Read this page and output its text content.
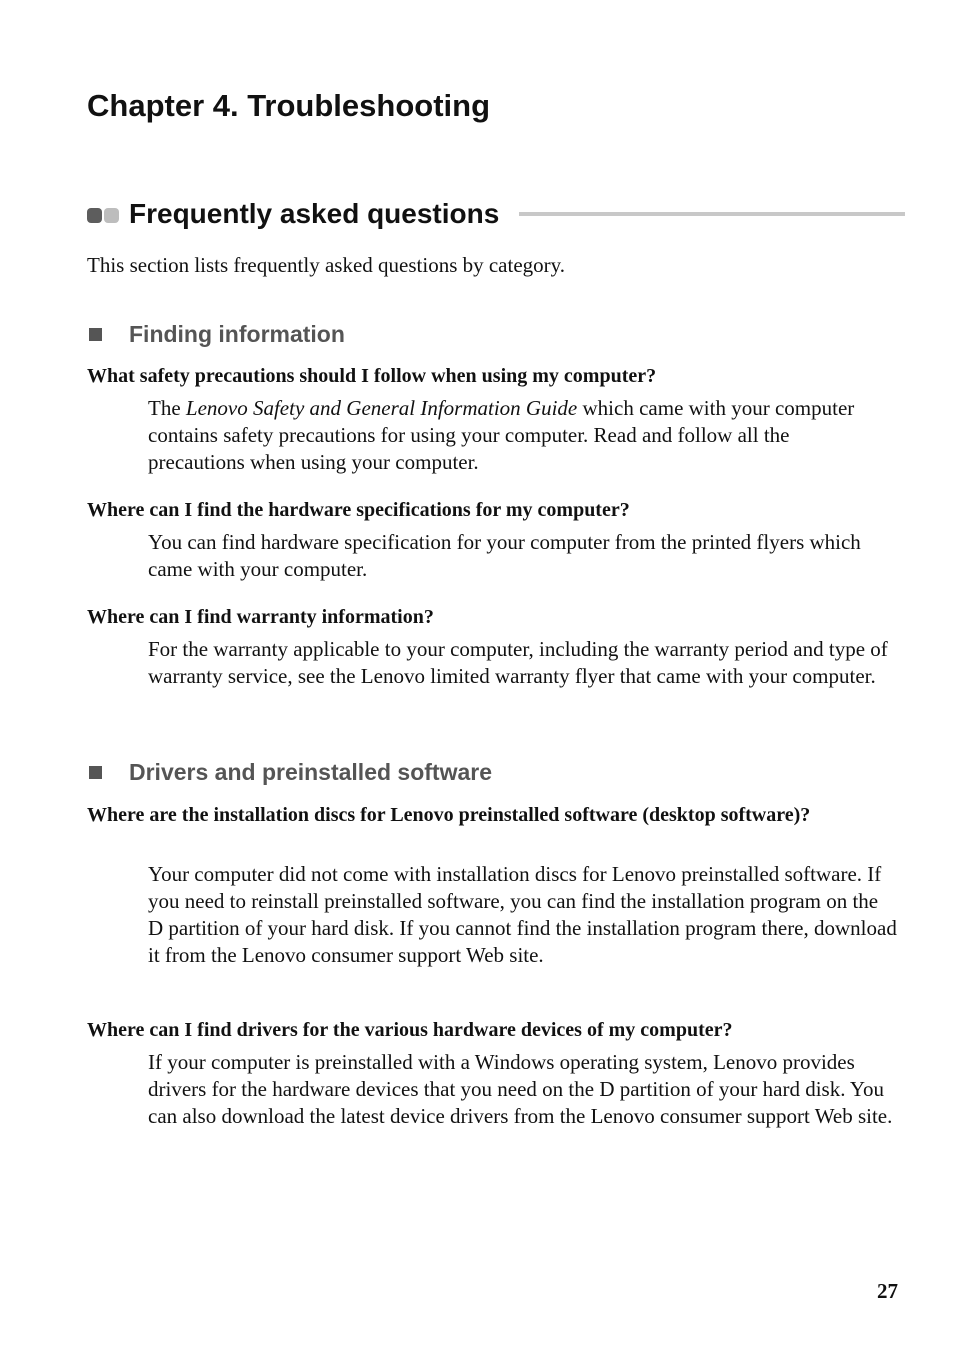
Chapter 4. Troubleshooting
Frequently asked questions

This section lists frequently asked questions by category.

Finding information

What safety precautions should I follow when using my computer?

The Lenovo Safety and General Information Guide which came with your computer contains safety precautions for using your computer. Read and follow all the precautions when using your computer.

Where can I find the hardware specifications for my computer?

You can find hardware specification for your computer from the printed flyers which came with your computer.

Where can I find warranty information?

For the warranty applicable to your computer, including the warranty period and type of warranty service, see the Lenovo limited warranty flyer that came with your computer.

Drivers and preinstalled software

Where are the installation discs for Lenovo preinstalled software (desktop software)?

Your computer did not come with installation discs for Lenovo preinstalled software. If you need to reinstall preinstalled software, you can find the installation program on the D partition of your hard disk. If you cannot find the installation program there, download it from the Lenovo consumer support Web site.

Where can I find drivers for the various hardware devices of my computer?

If your computer is preinstalled with a Windows operating system, Lenovo provides drivers for the hardware devices that you need on the D partition of your hard disk. You can also download the latest device drivers from the Lenovo consumer support Web site.

27
